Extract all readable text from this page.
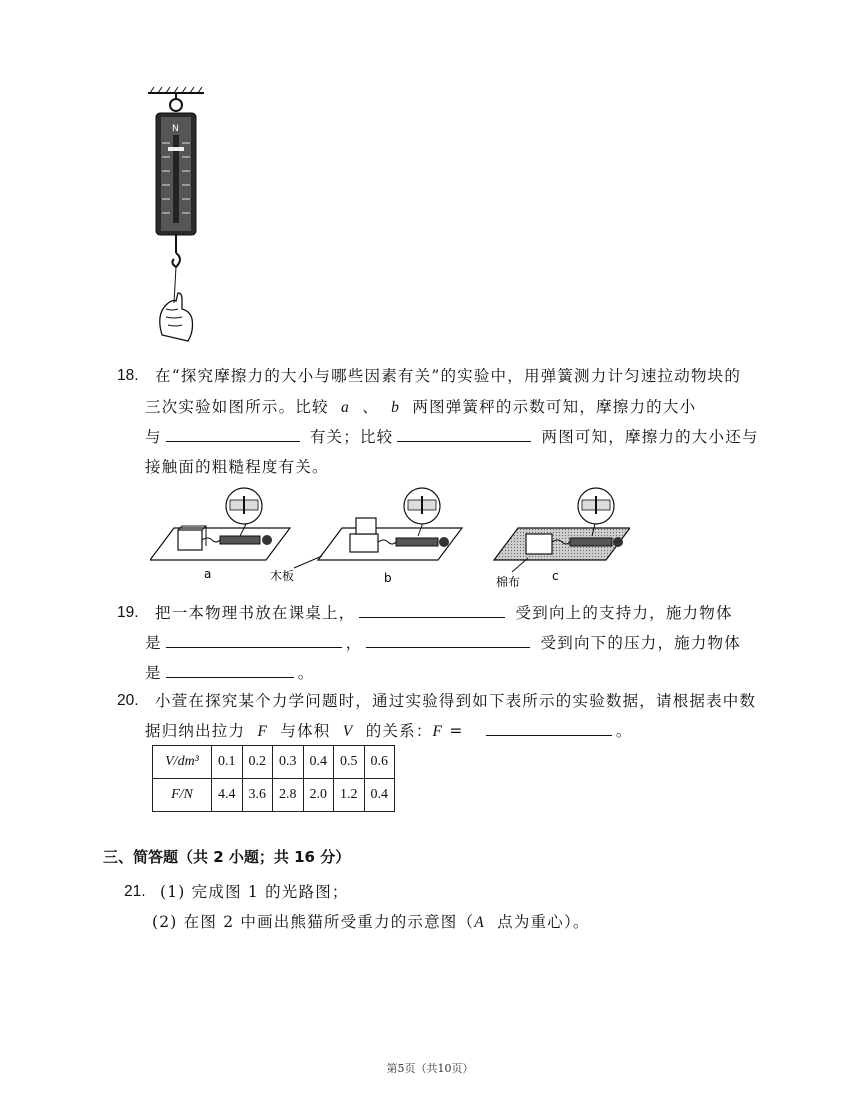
N
18. 在“探究摩擦力的大小与哪些因素有关”的实验中，用弹簧测力计匀速拉动物块的
三次实验如图所示。比较 a 、 b 两图弹簧秤的示数可知，摩擦力的大小
与	有关；比较	两图可知，摩擦力的大小还与
接触面的粗糙程度有关。
a	b
木板	c
棉布
19. 把一本物理书放在课桌上，	受到向上的支持力，施力物体
是	，	受到向下的压力，施力物体
是	。
20. 小萱在探究某个力学问题时，通过实验得到如下表所示的实验数据，请根据表中数
据归纳出拉力 F 与体积 V 的关系：F =	。
V/dm³	0.1	0.2	0.3	0.4	0.5	0.6
F/N	4.4	3.6	2.8	2.0	1.2	0.4
三、简答题（共 2 小题；共 16 分）
21. (1) 完成图 1 的光路图；
(2) 在图 2 中画出熊猫所受重力的示意图（A 点为重心）。
第5页（共10页）
